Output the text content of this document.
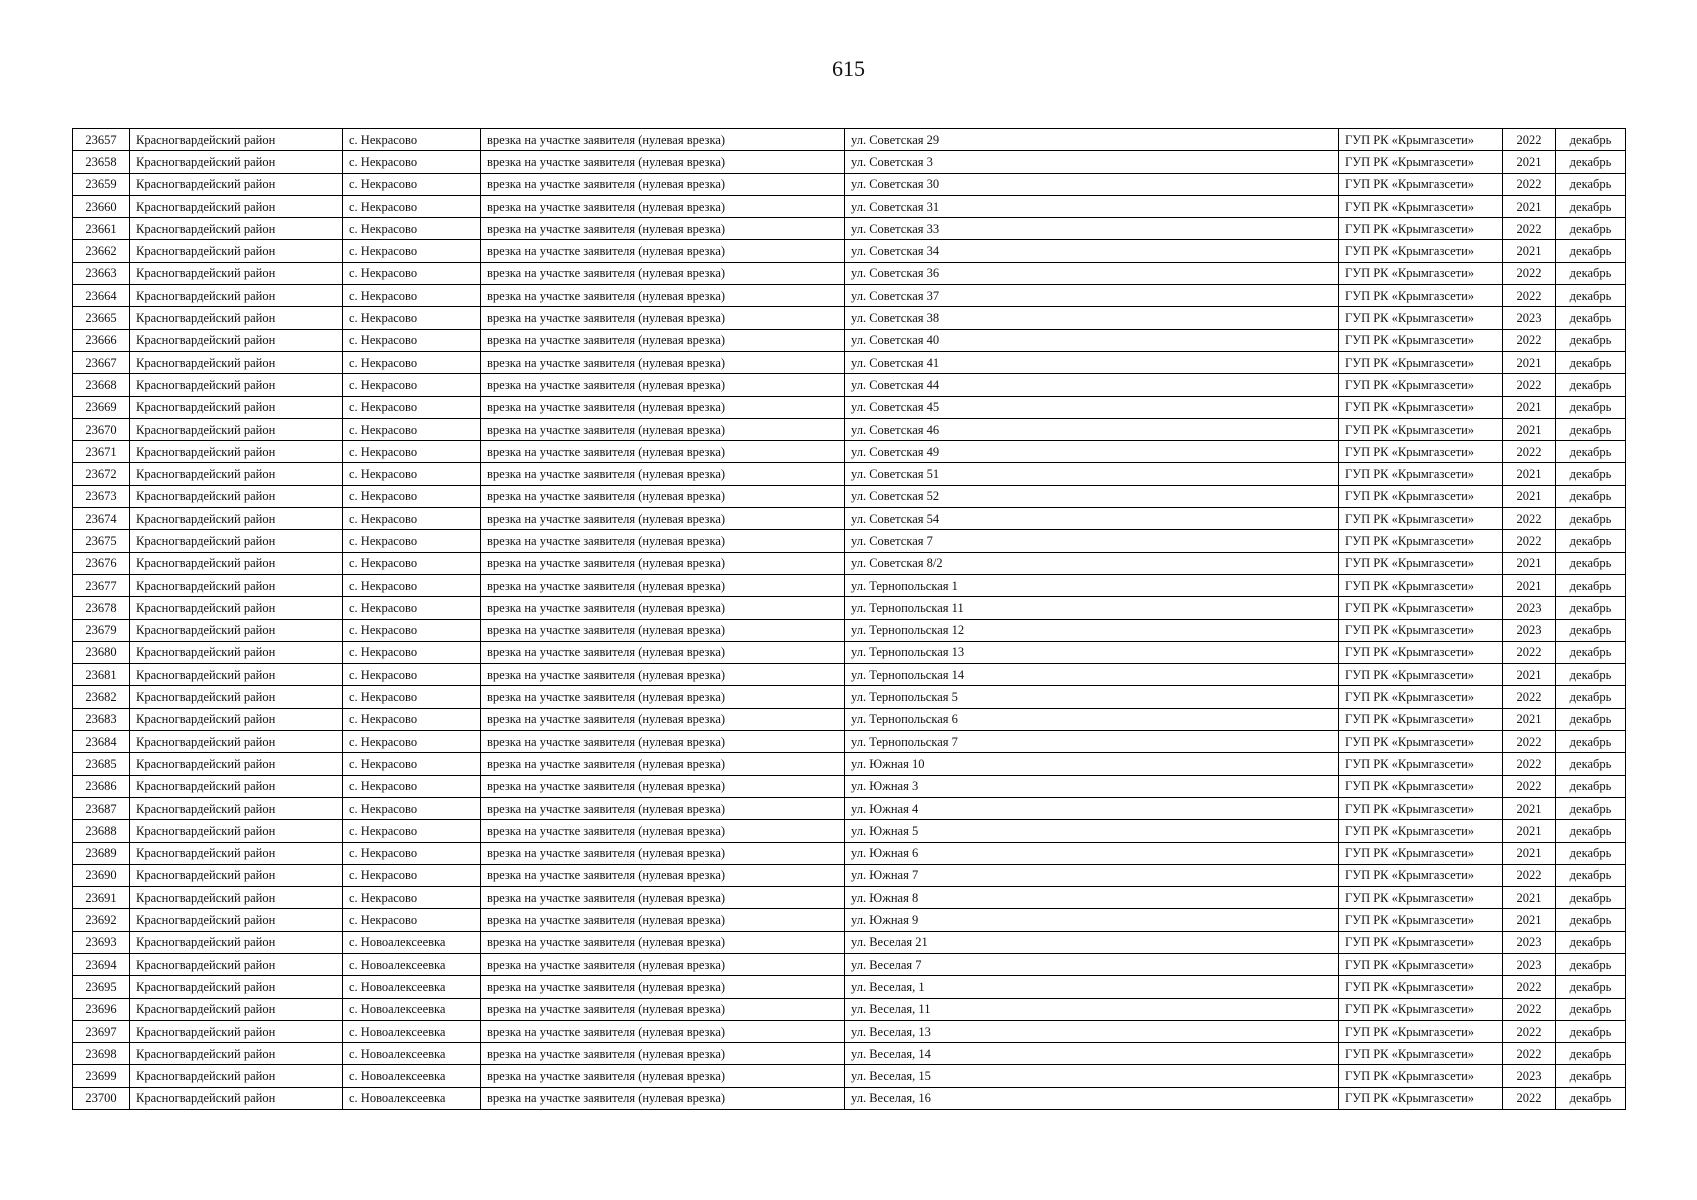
615
23657	Красногвардейский район	с. Некрасово	врезка на участке заявителя (нулевая врезка)	ул. Советская 29	ГУП РК «Крымгазсети»	2022	декабрь
23658	Красногвардейский район	с. Некрасово	врезка на участке заявителя (нулевая врезка)	ул. Советская 3	ГУП РК «Крымгазсети»	2021	декабрь
23659	Красногвардейский район	с. Некрасово	врезка на участке заявителя (нулевая врезка)	ул. Советская 30	ГУП РК «Крымгазсети»	2022	декабрь
23660	Красногвардейский район	с. Некрасово	врезка на участке заявителя (нулевая врезка)	ул. Советская 31	ГУП РК «Крымгазсети»	2021	декабрь
23661	Красногвардейский район	с. Некрасово	врезка на участке заявителя (нулевая врезка)	ул. Советская 33	ГУП РК «Крымгазсети»	2022	декабрь
23662	Красногвардейский район	с. Некрасово	врезка на участке заявителя (нулевая врезка)	ул. Советская 34	ГУП РК «Крымгазсети»	2021	декабрь
23663	Красногвардейский район	с. Некрасово	врезка на участке заявителя (нулевая врезка)	ул. Советская 36	ГУП РК «Крымгазсети»	2022	декабрь
23664	Красногвардейский район	с. Некрасово	врезка на участке заявителя (нулевая врезка)	ул. Советская 37	ГУП РК «Крымгазсети»	2022	декабрь
23665	Красногвардейский район	с. Некрасово	врезка на участке заявителя (нулевая врезка)	ул. Советская 38	ГУП РК «Крымгазсети»	2023	декабрь
23666	Красногвардейский район	с. Некрасово	врезка на участке заявителя (нулевая врезка)	ул. Советская 40	ГУП РК «Крымгазсети»	2022	декабрь
23667	Красногвардейский район	с. Некрасово	врезка на участке заявителя (нулевая врезка)	ул. Советская 41	ГУП РК «Крымгазсети»	2021	декабрь
23668	Красногвардейский район	с. Некрасово	врезка на участке заявителя (нулевая врезка)	ул. Советская 44	ГУП РК «Крымгазсети»	2022	декабрь
23669	Красногвардейский район	с. Некрасово	врезка на участке заявителя (нулевая врезка)	ул. Советская 45	ГУП РК «Крымгазсети»	2021	декабрь
23670	Красногвардейский район	с. Некрасово	врезка на участке заявителя (нулевая врезка)	ул. Советская 46	ГУП РК «Крымгазсети»	2021	декабрь
23671	Красногвардейский район	с. Некрасово	врезка на участке заявителя (нулевая врезка)	ул. Советская 49	ГУП РК «Крымгазсети»	2022	декабрь
23672	Красногвардейский район	с. Некрасово	врезка на участке заявителя (нулевая врезка)	ул. Советская 51	ГУП РК «Крымгазсети»	2021	декабрь
23673	Красногвардейский район	с. Некрасово	врезка на участке заявителя (нулевая врезка)	ул. Советская 52	ГУП РК «Крымгазсети»	2021	декабрь
23674	Красногвардейский район	с. Некрасово	врезка на участке заявителя (нулевая врезка)	ул. Советская 54	ГУП РК «Крымгазсети»	2022	декабрь
23675	Красногвардейский район	с. Некрасово	врезка на участке заявителя (нулевая врезка)	ул. Советская 7	ГУП РК «Крымгазсети»	2022	декабрь
23676	Красногвардейский район	с. Некрасово	врезка на участке заявителя (нулевая врезка)	ул. Советская 8/2	ГУП РК «Крымгазсети»	2021	декабрь
23677	Красногвардейский район	с. Некрасово	врезка на участке заявителя (нулевая врезка)	ул. Тернопольская 1	ГУП РК «Крымгазсети»	2021	декабрь
23678	Красногвардейский район	с. Некрасово	врезка на участке заявителя (нулевая врезка)	ул. Тернопольская 11	ГУП РК «Крымгазсети»	2023	декабрь
23679	Красногвардейский район	с. Некрасово	врезка на участке заявителя (нулевая врезка)	ул. Тернопольская 12	ГУП РК «Крымгазсети»	2023	декабрь
23680	Красногвардейский район	с. Некрасово	врезка на участке заявителя (нулевая врезка)	ул. Тернопольская 13	ГУП РК «Крымгазсети»	2022	декабрь
23681	Красногвардейский район	с. Некрасово	врезка на участке заявителя (нулевая врезка)	ул. Тернопольская 14	ГУП РК «Крымгазсети»	2021	декабрь
23682	Красногвардейский район	с. Некрасово	врезка на участке заявителя (нулевая врезка)	ул. Тернопольская 5	ГУП РК «Крымгазсети»	2022	декабрь
23683	Красногвардейский район	с. Некрасово	врезка на участке заявителя (нулевая врезка)	ул. Тернопольская 6	ГУП РК «Крымгазсети»	2021	декабрь
23684	Красногвардейский район	с. Некрасово	врезка на участке заявителя (нулевая врезка)	ул. Тернопольская 7	ГУП РК «Крымгазсети»	2022	декабрь
23685	Красногвардейский район	с. Некрасово	врезка на участке заявителя (нулевая врезка)	ул. Южная 10	ГУП РК «Крымгазсети»	2022	декабрь
23686	Красногвардейский район	с. Некрасово	врезка на участке заявителя (нулевая врезка)	ул. Южная 3	ГУП РК «Крымгазсети»	2022	декабрь
23687	Красногвардейский район	с. Некрасово	врезка на участке заявителя (нулевая врезка)	ул. Южная 4	ГУП РК «Крымгазсети»	2021	декабрь
23688	Красногвардейский район	с. Некрасово	врезка на участке заявителя (нулевая врезка)	ул. Южная 5	ГУП РК «Крымгазсети»	2021	декабрь
23689	Красногвардейский район	с. Некрасово	врезка на участке заявителя (нулевая врезка)	ул. Южная 6	ГУП РК «Крымгазсети»	2021	декабрь
23690	Красногвардейский район	с. Некрасово	врезка на участке заявителя (нулевая врезка)	ул. Южная 7	ГУП РК «Крымгазсети»	2022	декабрь
23691	Красногвардейский район	с. Некрасово	врезка на участке заявителя (нулевая врезка)	ул. Южная 8	ГУП РК «Крымгазсети»	2021	декабрь
23692	Красногвардейский район	с. Некрасово	врезка на участке заявителя (нулевая врезка)	ул. Южная 9	ГУП РК «Крымгазсети»	2021	декабрь
23693	Красногвардейский район	с. Новоалексеевка	врезка на участке заявителя (нулевая врезка)	ул. Веселая 21	ГУП РК «Крымгазсети»	2023	декабрь
23694	Красногвардейский район	с. Новоалексеевка	врезка на участке заявителя (нулевая врезка)	ул. Веселая 7	ГУП РК «Крымгазсети»	2023	декабрь
23695	Красногвардейский район	с. Новоалексеевка	врезка на участке заявителя (нулевая врезка)	ул. Веселая, 1	ГУП РК «Крымгазсети»	2022	декабрь
23696	Красногвардейский район	с. Новоалексеевка	врезка на участке заявителя (нулевая врезка)	ул. Веселая, 11	ГУП РК «Крымгазсети»	2022	декабрь
23697	Красногвардейский район	с. Новоалексеевка	врезка на участке заявителя (нулевая врезка)	ул. Веселая, 13	ГУП РК «Крымгазсети»	2022	декабрь
23698	Красногвардейский район	с. Новоалексеевка	врезка на участке заявителя (нулевая врезка)	ул. Веселая, 14	ГУП РК «Крымгазсети»	2022	декабрь
23699	Красногвардейский район	с. Новоалексеевка	врезка на участке заявителя (нулевая врезка)	ул. Веселая, 15	ГУП РК «Крымгазсети»	2023	декабрь
23700	Красногвардейский район	с. Новоалексеевка	врезка на участке заявителя (нулевая врезка)	ул. Веселая, 16	ГУП РК «Крымгазсети»	2022	декабрь
